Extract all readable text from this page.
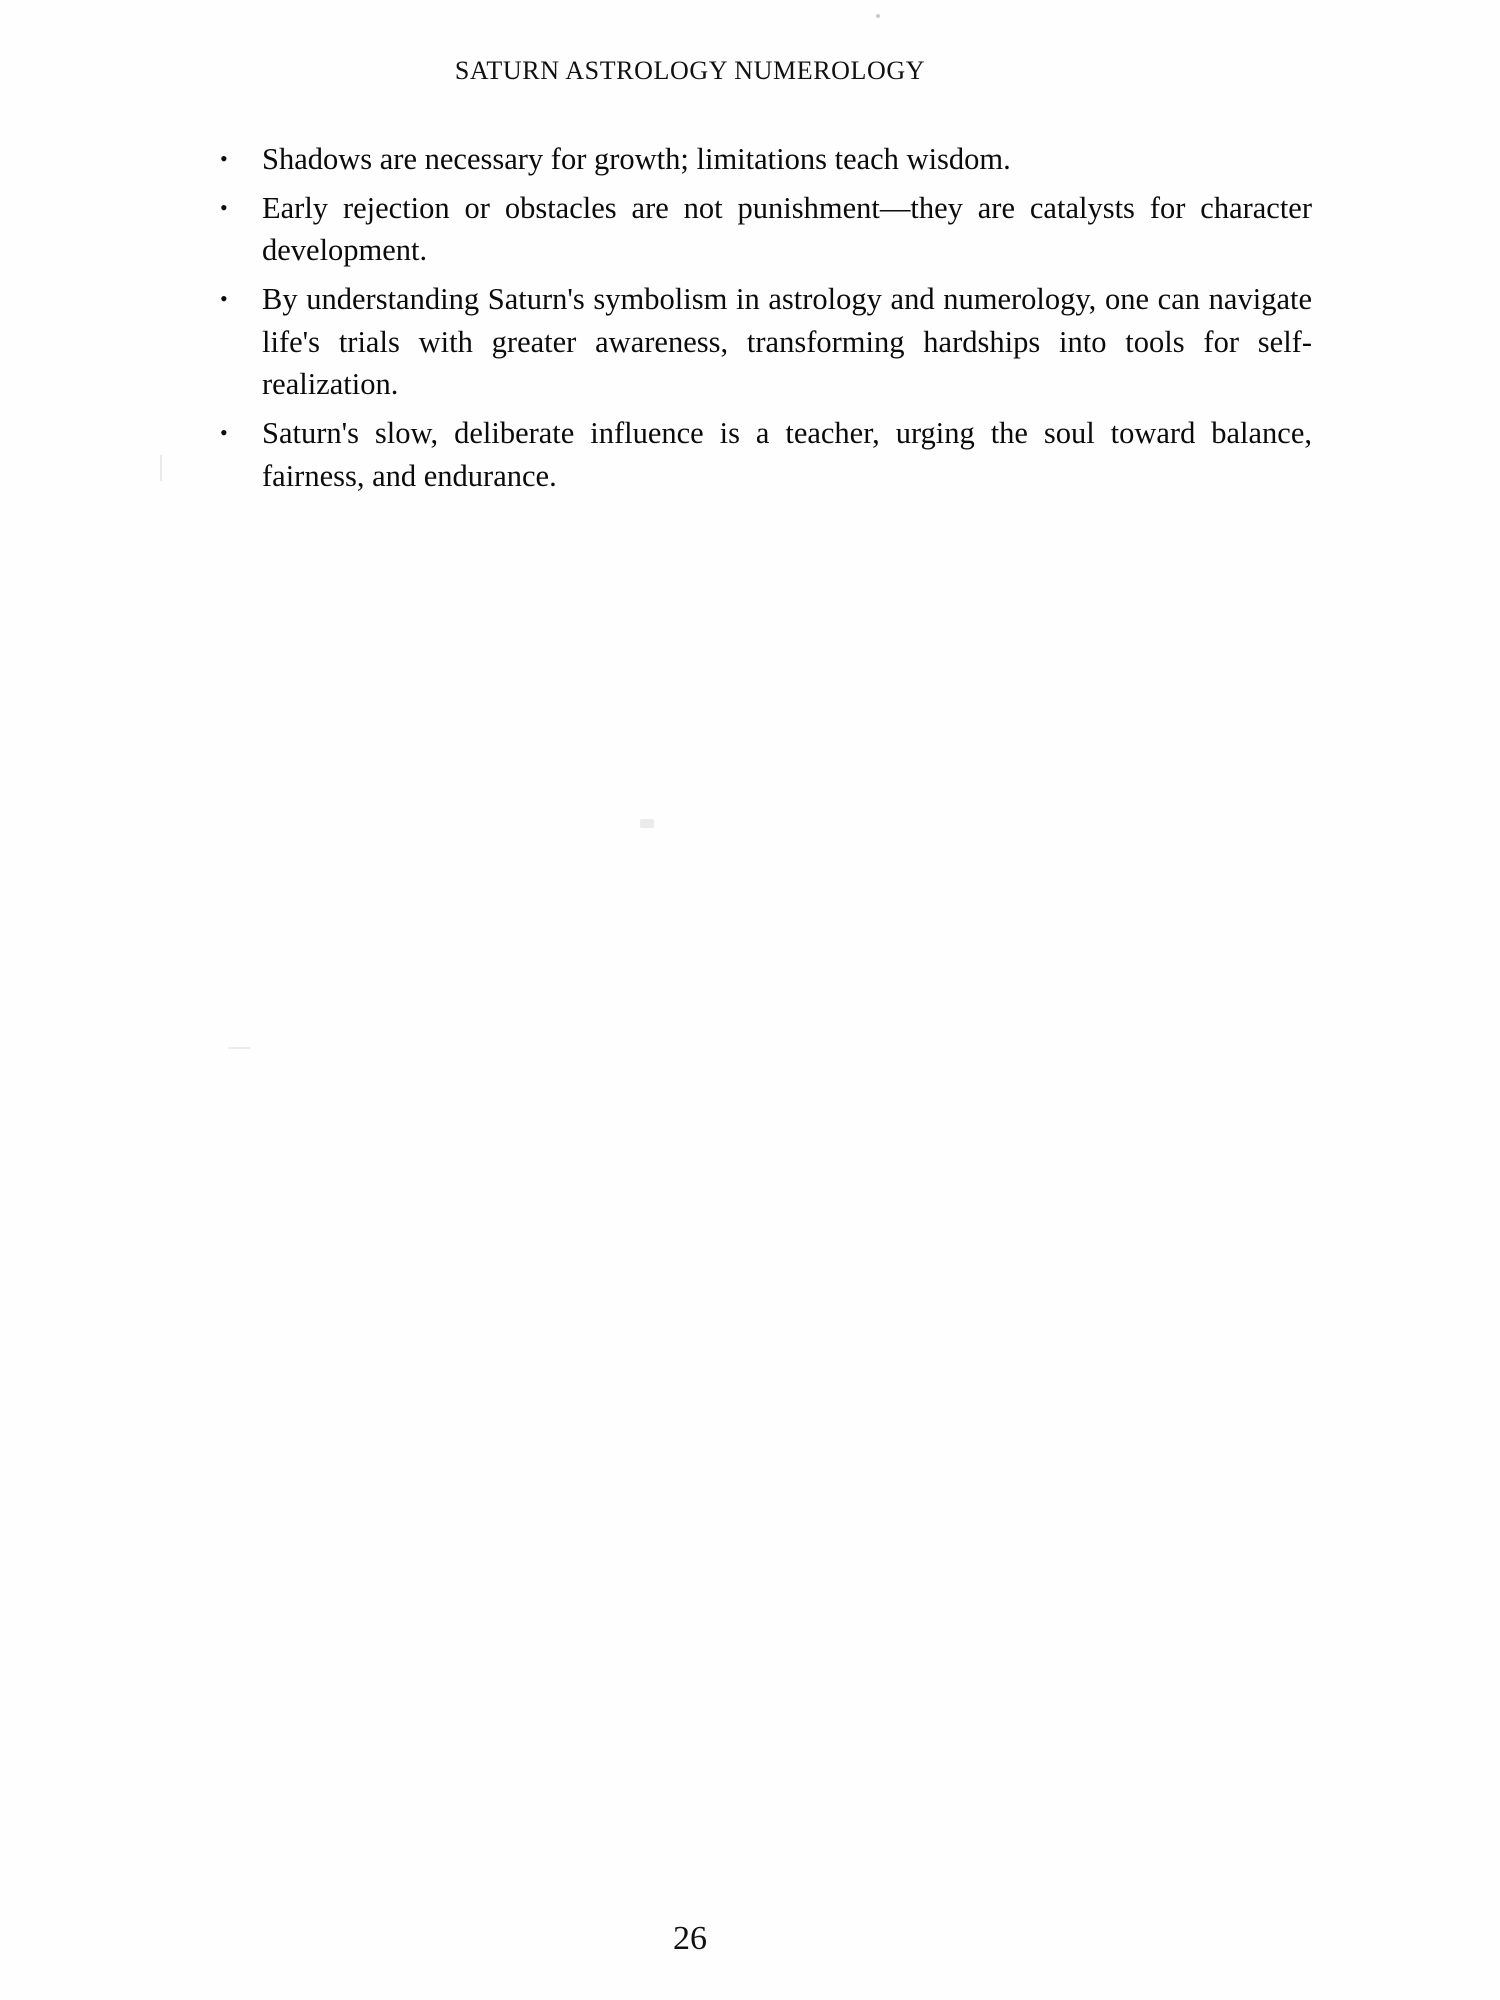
SATURN ASTROLOGY NUMEROLOGY
• Shadows are necessary for growth; limitations teach wisdom.
• Early rejection or obstacles are not punishment—they are catalysts for character development.
• By understanding Saturn's symbolism in astrology and numerology, one can navigate life's trials with greater awareness, transforming hardships into tools for self-realization.
• Saturn's slow, deliberate influence is a teacher, urging the soul toward balance, fairness, and endurance.
26
